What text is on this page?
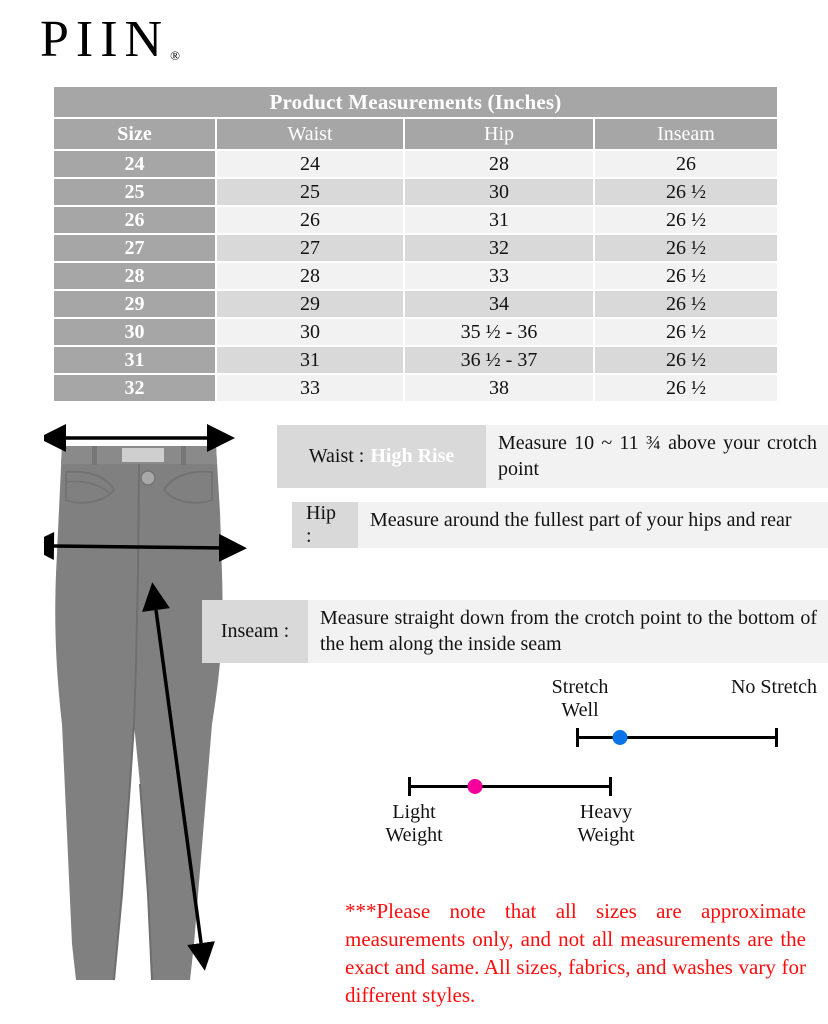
PIIN ®
Product Measurements (Inches)			
Size	Waist	Hip	Inseam
24	24	28	26
25	25	30	26 ½
26	26	31	26 ½
27	27	32	26 ½
28	28	33	26 ½
29	29	34	26 ½
30	30	35 ½ - 36	26 ½
31	31	36 ½ - 37	26 ½
32	33	38	26 ½
Waist : High Rise
Measure 10 ~ 11 ¾ above your crotch point
Hip :
Measure around the fullest part of your hips and rear
Inseam :
Measure straight down from the crotch point to the bottom of the hem along the inside seam
Stretch Well
No Stretch
Light Weight
Heavy Weight
***Please note that all sizes are approximate measurements only, and not all measurements are the exact and same. All sizes, fabrics, and washes vary for different styles.
